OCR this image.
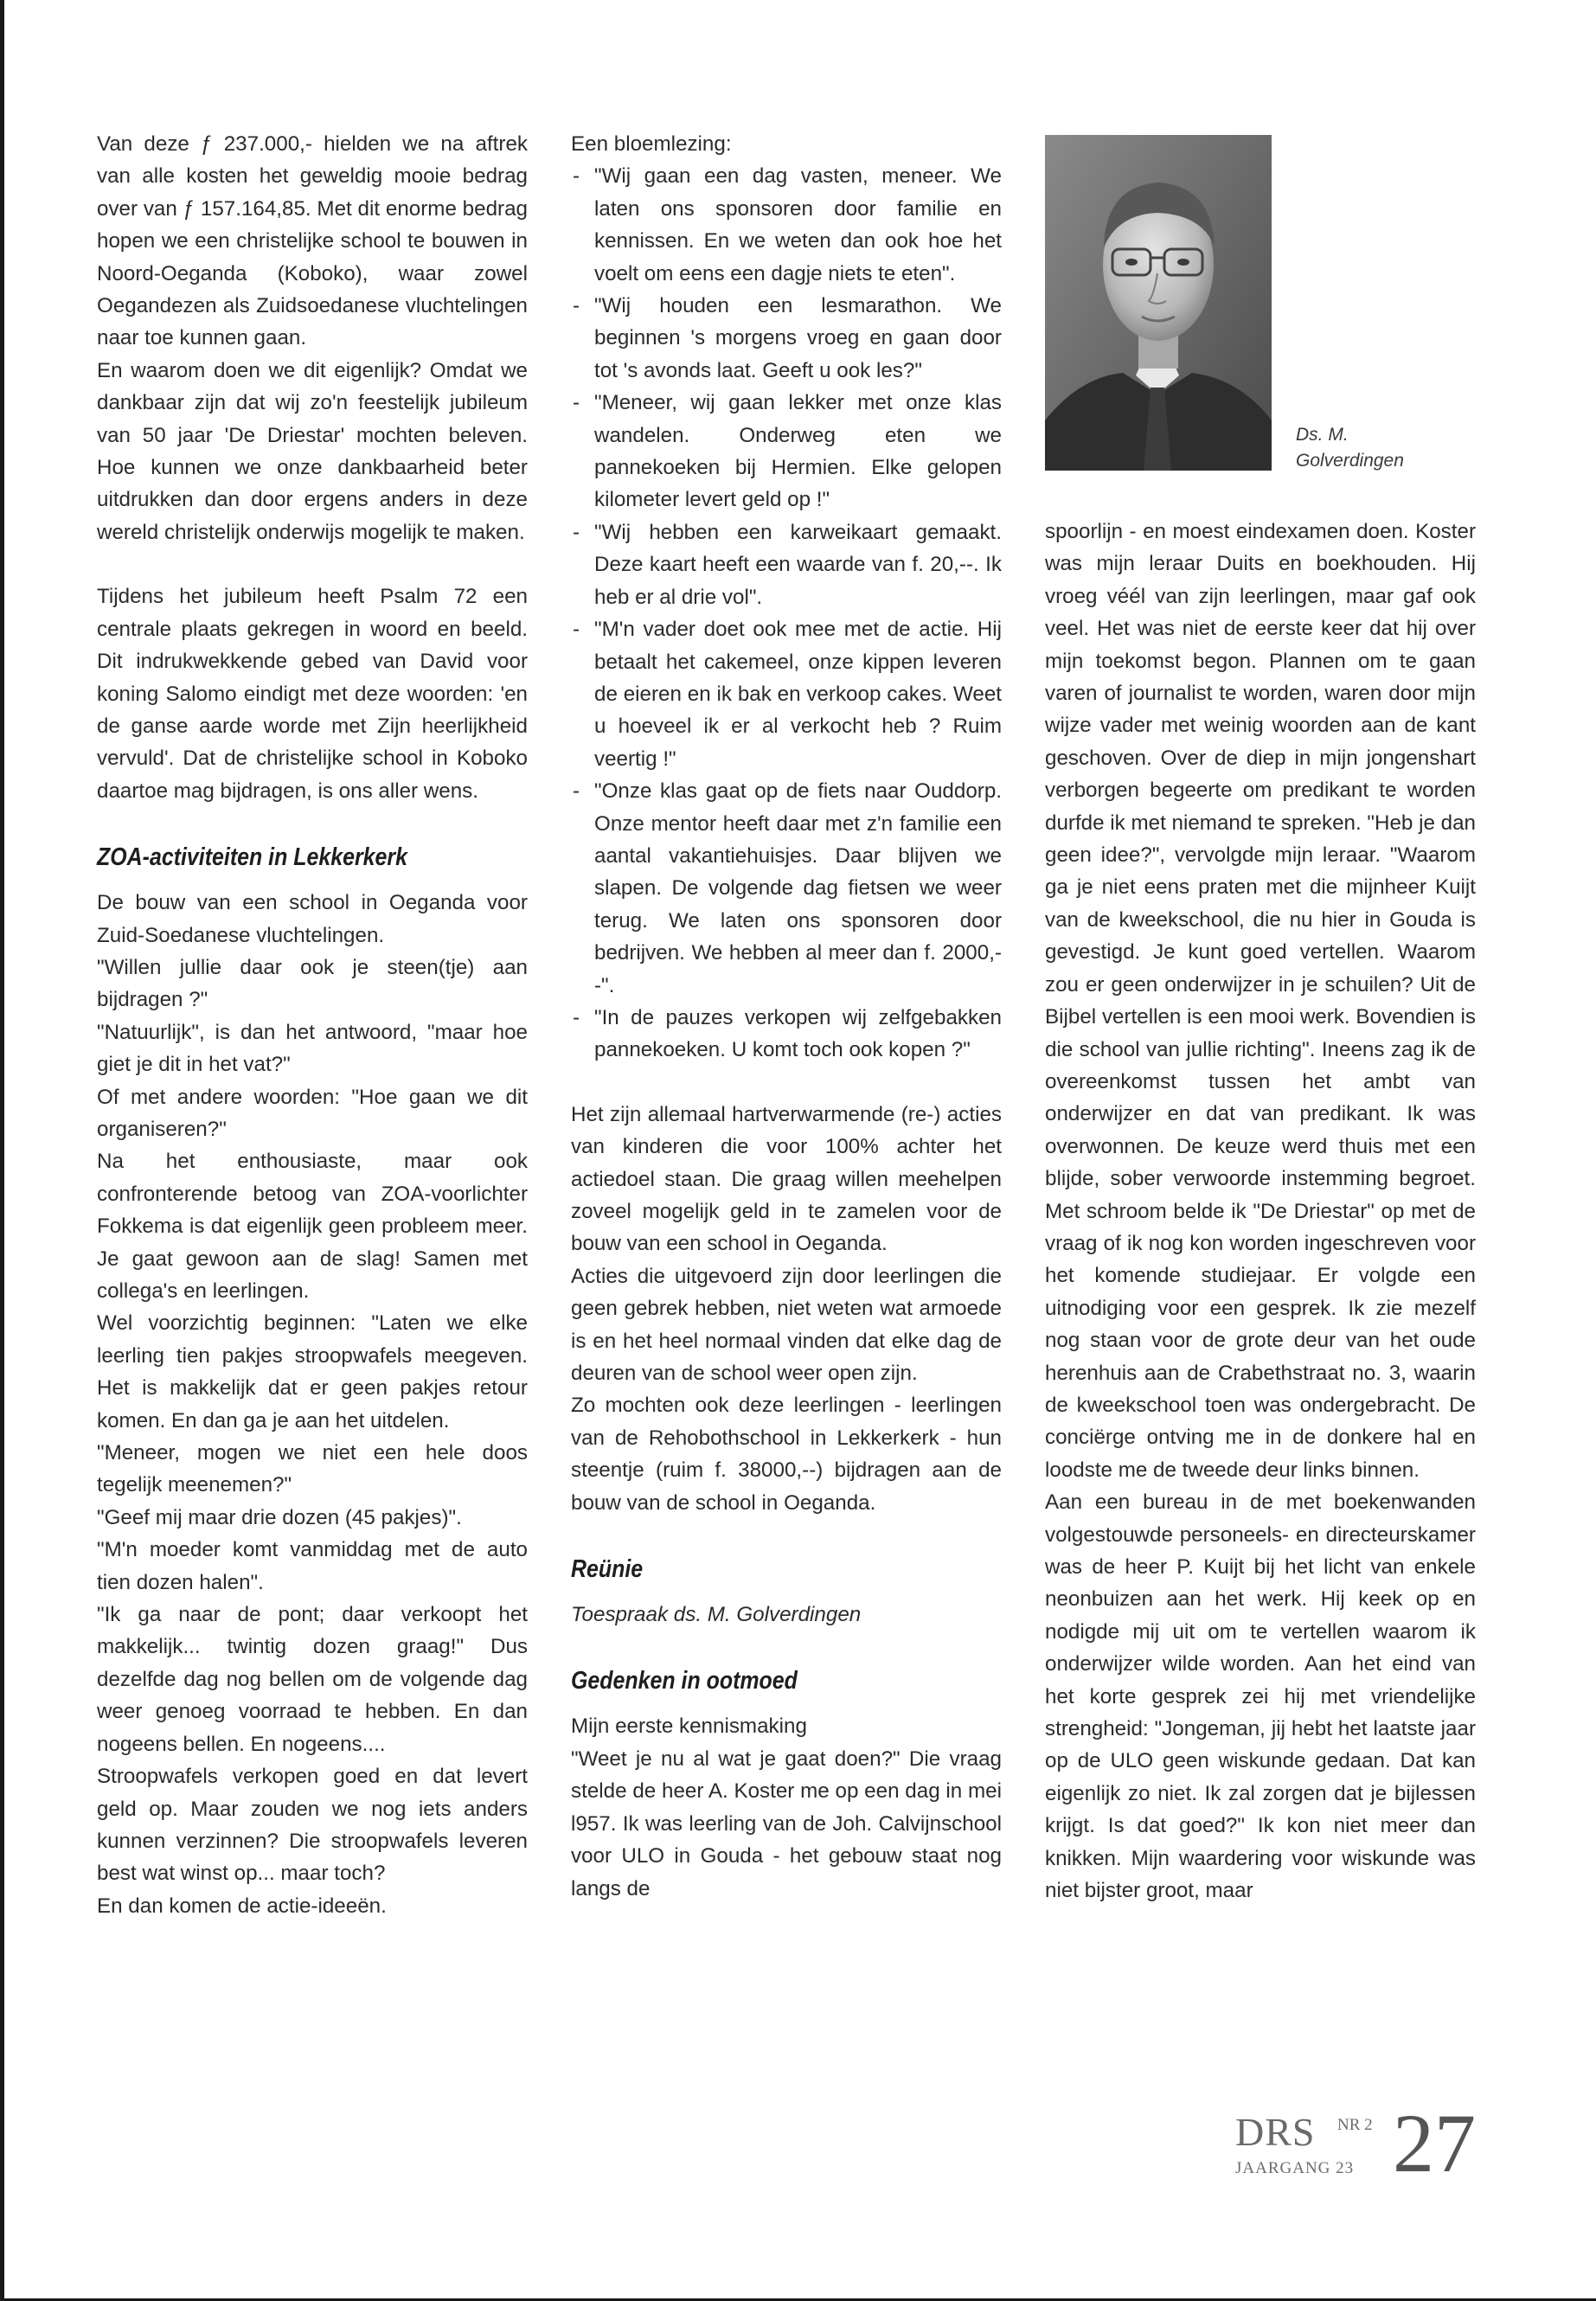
Van deze ƒ 237.000,- hielden we na aftrek van alle kosten het geweldig mooie bedrag over van ƒ 157.164,85. Met dit enorme bedrag hopen we een christelijke school te bouwen in Noord-Oeganda (Koboko), waar zowel Oegandezen als Zuidsoedanese vluchtelingen naar toe kunnen gaan.

En waarom doen we dit eigenlijk? Omdat we dankbaar zijn dat wij zo'n feestelijk jubileum van 50 jaar 'De Driestar' mochten beleven. Hoe kunnen we onze dankbaarheid beter uitdrukken dan door ergens anders in deze wereld christelijk onderwijs mogelijk te maken.

Tijdens het jubileum heeft Psalm 72 een centrale plaats gekregen in woord en beeld. Dit indrukwekkende gebed van David voor koning Salomo eindigt met deze woorden: 'en de ganse aarde worde met Zijn heerlijkheid vervuld'. Dat de christelijke school in Koboko daartoe mag bijdragen, is ons aller wens.

ZOA-activiteiten in Lekkerkerk

De bouw van een school in Oeganda voor Zuid-Soedanese vluchtelingen.

"Willen jullie daar ook je steen(tje) aan bijdragen ?"

"Natuurlijk", is dan het antwoord, "maar hoe giet je dit in het vat?"

Of met andere woorden: "Hoe gaan we dit organiseren?"

Na het enthousiaste, maar ook confronterende betoog van ZOA-voorlichter Fokkema is dat eigenlijk geen probleem meer. Je gaat gewoon aan de slag! Samen met collega's en leerlingen.

Wel voorzichtig beginnen: "Laten we elke leerling tien pakjes stroopwafels meegeven. Het is makkelijk dat er geen pakjes retour komen. En dan ga je aan het uitdelen.

"Meneer, mogen we niet een hele doos tegelijk meenemen?"

"Geef mij maar drie dozen (45 pakjes)".

"M'n moeder komt vanmiddag met de auto tien dozen halen".

"Ik ga naar de pont; daar verkoopt het makkelijk... twintig dozen graag!" Dus dezelfde dag nog bellen om de volgende dag weer genoeg voorraad te hebben. En dan nogeens bellen. En nogeens....

Stroopwafels verkopen goed en dat levert geld op. Maar zouden we nog iets anders kunnen verzinnen? Die stroopwafels leveren best wat winst op... maar toch?

En dan komen de actie-ideeën.

Een bloemlezing:

- "Wij gaan een dag vasten, meneer. We laten ons sponsoren door familie en kennissen. En we weten dan ook hoe het voelt om eens een dagje niets te eten".
- "Wij houden een lesmarathon. We beginnen 's morgens vroeg en gaan door tot 's avonds laat. Geeft u ook les?"
- "Meneer, wij gaan lekker met onze klas wandelen. Onderweg eten we pannekoeken bij Hermien. Elke gelopen kilometer levert geld op !"
- "Wij hebben een karweikaart gemaakt. Deze kaart heeft een waarde van f. 20,--. Ik heb er al drie vol".
- "M'n vader doet ook mee met de actie. Hij betaalt het cakemeel, onze kippen leveren de eieren en ik bak en verkoop cakes. Weet u hoeveel ik er al verkocht heb ? Ruim veertig !"
- "Onze klas gaat op de fiets naar Ouddorp. Onze mentor heeft daar met z'n familie een aantal vakantiehuisjes. Daar blijven we slapen. De volgende dag fietsen we weer terug. We laten ons sponsoren door bedrijven. We hebben al meer dan f. 2000,--".
- "In de pauzes verkopen wij zelfgebakken pannekoeken. U komt toch ook kopen ?"

Het zijn allemaal hartverwarmende (re-) acties van kinderen die voor 100% achter het actiedoel staan. Die graag willen meehelpen zoveel mogelijk geld in te zamelen voor de bouw van een school in Oeganda.

Acties die uitgevoerd zijn door leerlingen die geen gebrek hebben, niet weten wat armoede is en het heel normaal vinden dat elke dag de deuren van de school weer open zijn.

Zo mochten ook deze leerlingen - leerlingen van de Rehobothschool in Lekkerkerk - hun steentje (ruim f. 38000,--) bijdragen aan de bouw van de school in Oeganda.

Reünie

Toespraak ds. M. Golverdingen

Gedenken in ootmoed

Mijn eerste kennismaking

"Weet je nu al wat je gaat doen?" Die vraag stelde de heer A. Koster me op een dag in mei l957. Ik was leerling van de Joh. Calvijnschool voor ULO in Gouda - het gebouw staat nog langs de

Ds. M. Golverdingen

spoorlijn - en moest eindexamen doen. Koster was mijn leraar Duits en boekhouden. Hij vroeg véél van zijn leerlingen, maar gaf ook veel. Het was niet de eerste keer dat hij over mijn toekomst begon. Plannen om te gaan varen of journalist te worden, waren door mijn wijze vader met weinig woorden aan de kant geschoven. Over de diep in mijn jongenshart verborgen begeerte om predikant te worden durfde ik met niemand te spreken. "Heb je dan geen idee?", vervolgde mijn leraar. "Waarom ga je niet eens praten met die mijnheer Kuijt van de kweekschool, die nu hier in Gouda is gevestigd. Je kunt goed vertellen. Waarom zou er geen onderwijzer in je schuilen? Uit de Bijbel vertellen is een mooi werk. Bovendien is die school van jullie richting". Ineens zag ik de overeenkomst tussen het ambt van onderwijzer en dat van predikant. Ik was overwonnen. De keuze werd thuis met een blijde, sober verwoorde instemming begroet. Met schroom belde ik "De Driestar" op met de vraag of ik nog kon worden ingeschreven voor het komende studiejaar. Er volgde een uitnodiging voor een gesprek. Ik zie mezelf nog staan voor de grote deur van het oude herenhuis aan de Crabethstraat no. 3, waarin de kweekschool toen was ondergebracht. De conciërge ontving me in de donkere hal en loodste me de tweede deur links binnen.

Aan een bureau in de met boekenwanden volgestouwde personeels- en directeurskamer was de heer P. Kuijt bij het licht van enkele neonbuizen aan het werk. Hij keek op en nodigde mij uit om te vertellen waarom ik onderwijzer wilde worden. Aan het eind van het korte gesprek zei hij met vriendelijke strengheid: "Jongeman, jij hebt het laatste jaar op de ULO geen wiskunde gedaan. Dat kan eigenlijk zo niet. Ik zal zorgen dat je bijlessen krijgt. Is dat goed?" Ik kon niet meer dan knikken. Mijn waardering voor wiskunde was niet bijster groot, maar

DRS NR 2
JAARGANG 23 27
